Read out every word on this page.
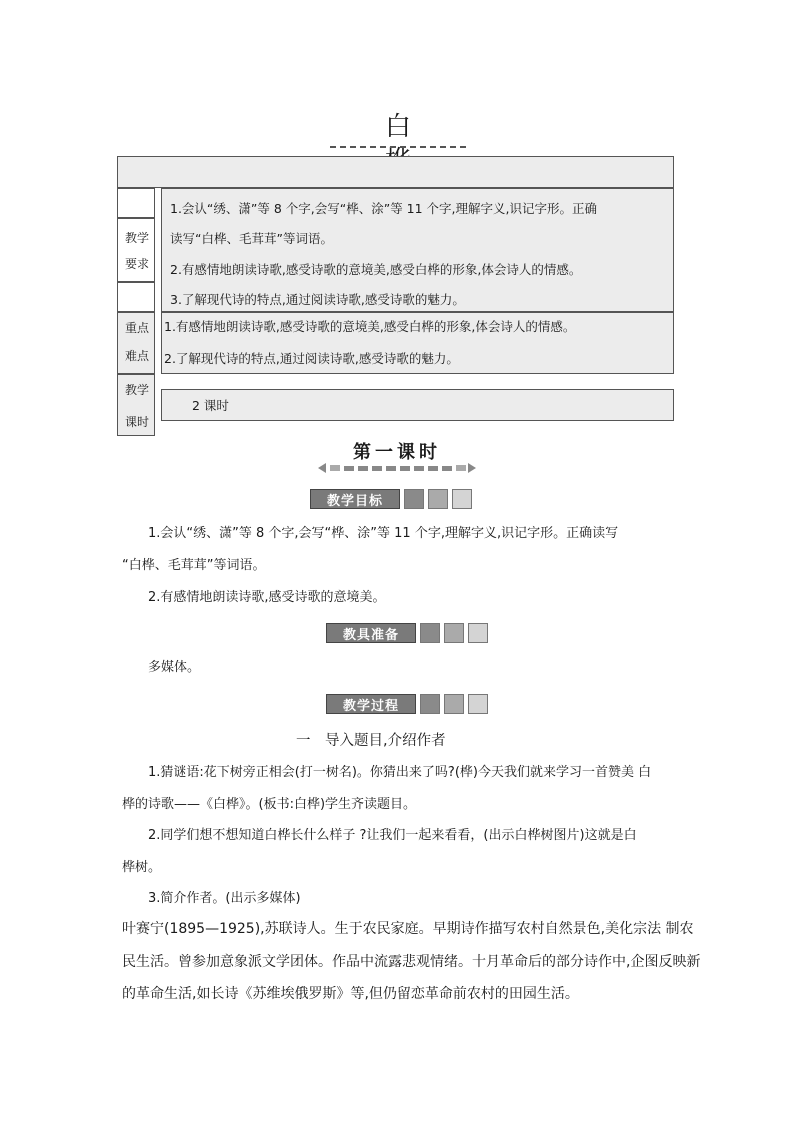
白
教学
要求
1.会认“绣、潇”等 8 个字,会写“桦、涂”等 11 个字,理解字义,识记字形。正确
读写“白桦、毛茸茸”等词语。
2.有感情地朗读诗歌,感受诗歌的意境美,感受白桦的形象,体会诗人的情感。
3.了解现代诗的特点,通过阅读诗歌,感受诗歌的魅力。
重点
难点
1.有感情地朗读诗歌,感受诗歌的意境美,感受白桦的形象,体会诗人的情感。
2.了解现代诗的特点,通过阅读诗歌,感受诗歌的魅力。
教学
课时
2 课时
第一课时
教学目标
1.会认“绣、潇”等 8 个字,会写“桦、涂”等 11 个字,理解字义,识记字形。正确读写
“白桦、毛茸茸”等词语。
2.有感情地朗读诗歌,感受诗歌的意境美。
教具准备
多媒体。
教学过程
一　导入题目,介绍作者
1.猜谜语:花下树旁正相会(打一树名)。你猜出来了吗?(桦)今天我们就来学习一首赞美 白
桦的诗歌——《白桦》。(板书:白桦)学生齐读题目。
2.同学们想不想知道白桦长什么样子 ?让我们一起来看看，(出示白桦树图片)这就是白
桦树。
3.简介作者。(出示多媒体)
叶赛宁(1895—1925),苏联诗人。生于农民家庭。早期诗作描写农村自然景色,美化宗法 制农
民生活。曾参加意象派文学团体。作品中流露悲观情绪。十月革命后的部分诗作中,企图反映新
的革命生活,如长诗《苏维埃俄罗斯》等,但仍留恋革命前农村的田园生活。
